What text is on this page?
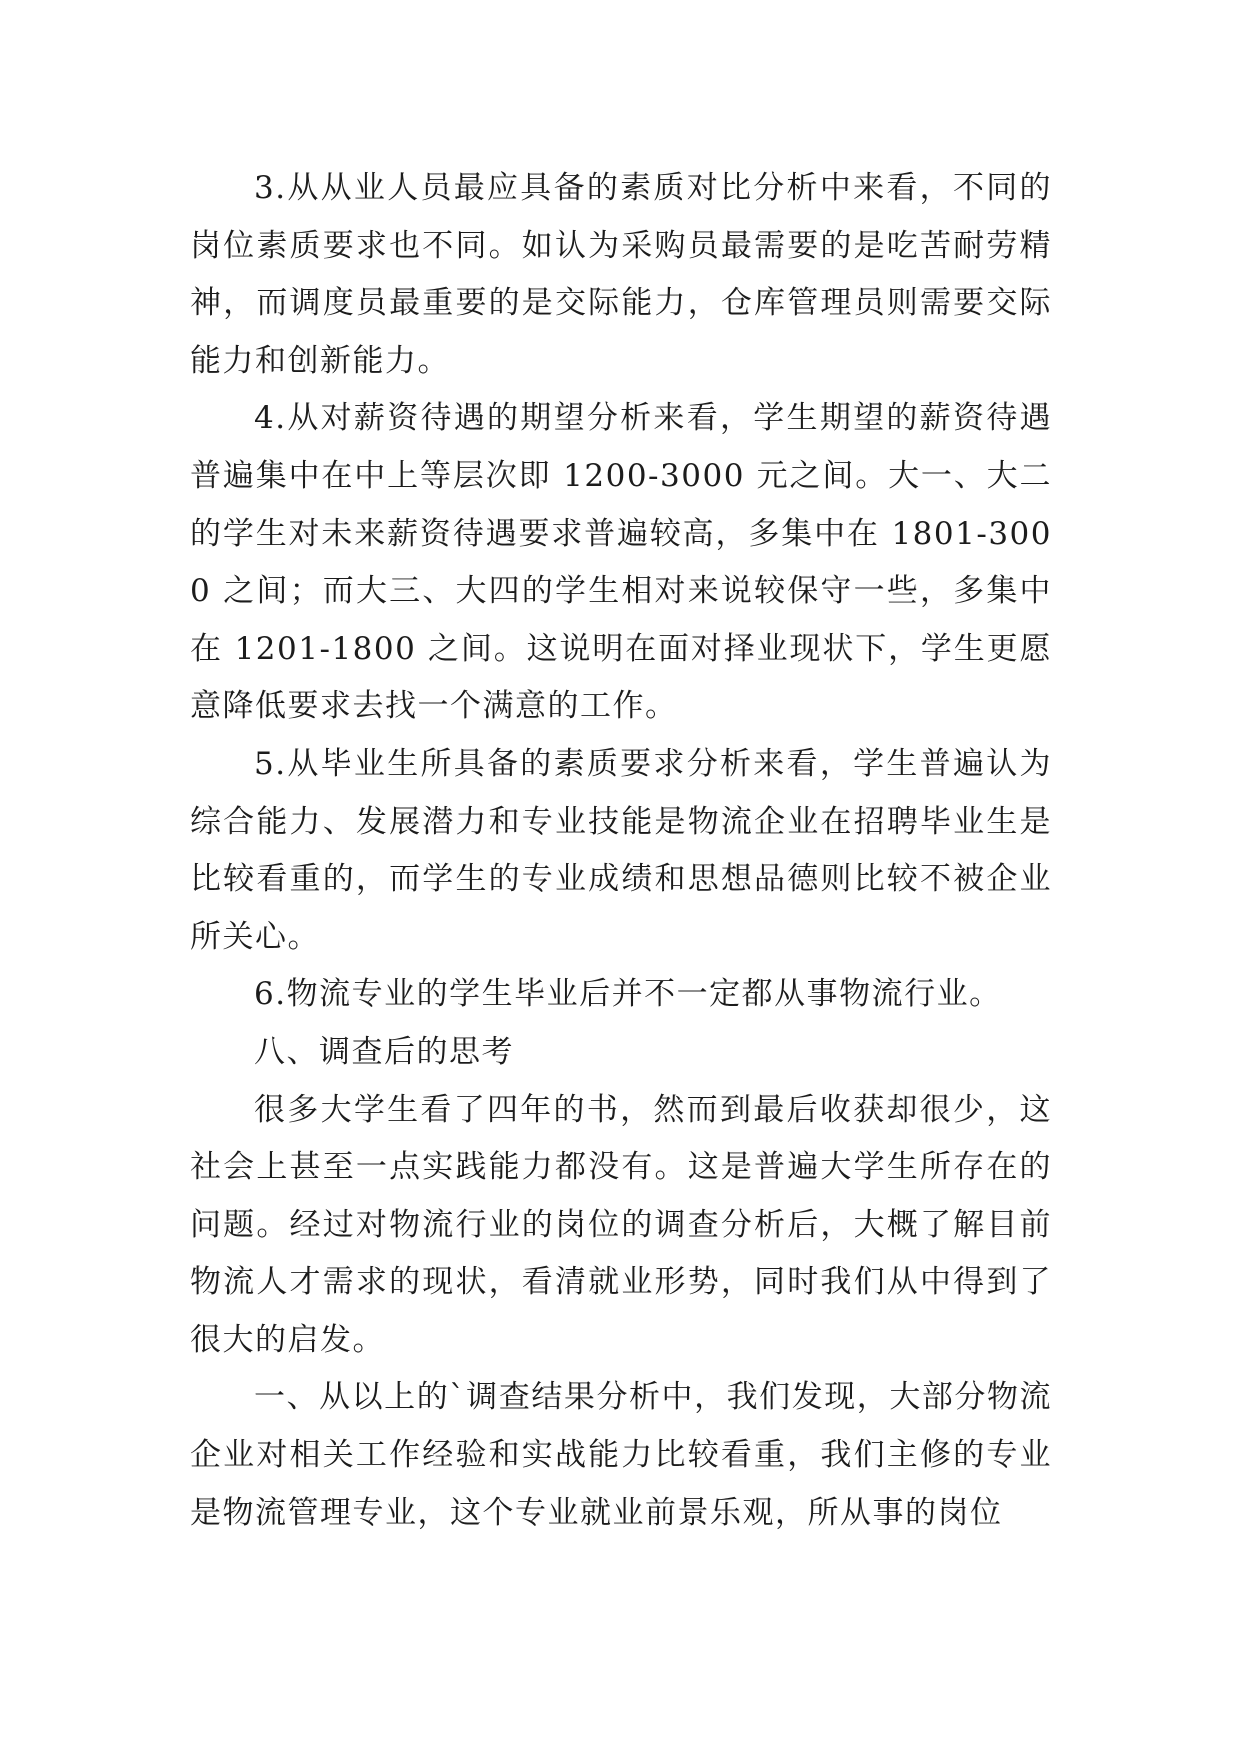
3.从从业人员最应具备的素质对比分析中来看，不同的岗位素质要求也不同。如认为采购员最需要的是吃苦耐劳精神，而调度员最重要的是交际能力，仓库管理员则需要交际能力和创新能力。

4.从对薪资待遇的期望分析来看，学生期望的薪资待遇普遍集中在中上等层次即 1200-3000 元之间。大一、大二的学生对未来薪资待遇要求普遍较高，多集中在 1801-3000 之间；而大三、大四的学生相对来说较保守一些，多集中在 1201-1800 之间。这说明在面对择业现状下，学生更愿意降低要求去找一个满意的工作。

5.从毕业生所具备的素质要求分析来看，学生普遍认为综合能力、发展潜力和专业技能是物流企业在招聘毕业生是比较看重的，而学生的专业成绩和思想品德则比较不被企业所关心。

6.物流专业的学生毕业后并不一定都从事物流行业。

八、调查后的思考

很多大学生看了四年的书，然而到最后收获却很少，这社会上甚至一点实践能力都没有。这是普遍大学生所存在的问题。经过对物流行业的岗位的调查分析后，大概了解目前物流人才需求的现状，看清就业形势，同时我们从中得到了很大的启发。

一、从以上的`调查结果分析中，我们发现，大部分物流企业对相关工作经验和实战能力比较看重，我们主修的专业是物流管理专业，这个专业就业前景乐观，所从事的岗位
